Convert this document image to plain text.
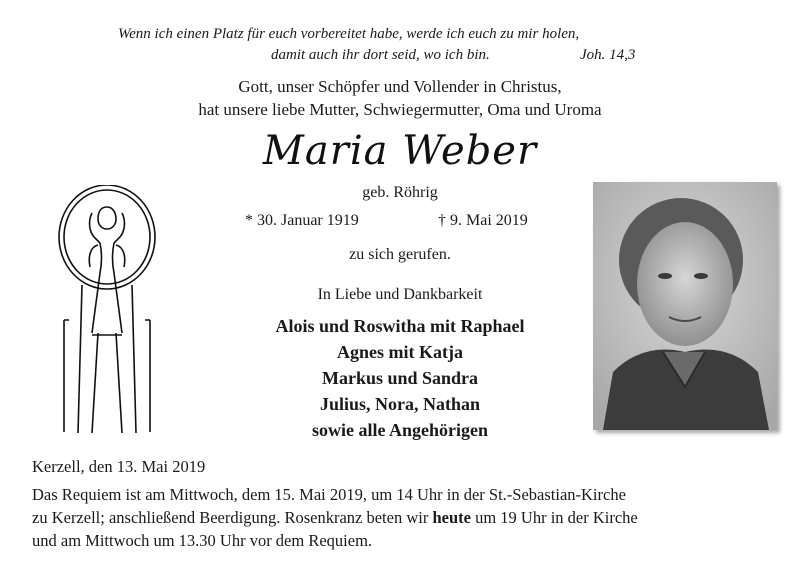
Wenn ich einen Platz für euch vorbereitet habe, werde ich euch zu mir holen,
damit auch ihr dort seid, wo ich bin.	Joh. 14,3
Gott, unser Schöpfer und Vollender in Christus,
hat unsere liebe Mutter, Schwiegermutter, Oma und Uroma
Maria Weber
geb. Röhrig
* 30. Januar 1919	† 9. Mai 2019
zu sich gerufen.
In Liebe und Dankbarkeit
Alois und Roswitha mit Raphael
Agnes mit Katja
Markus und Sandra
Julius, Nora, Nathan
sowie alle Angehörigen
Kerzell, den 13. Mai 2019
Das Requiem ist am Mittwoch, dem 15. Mai 2019, um 14 Uhr in der St.-Sebastian-Kirche
zu Kerzell; anschließend Beerdigung. Rosenkranz beten wir heute um 19 Uhr in der Kirche
und am Mittwoch um 13.30 Uhr vor dem Requiem.
